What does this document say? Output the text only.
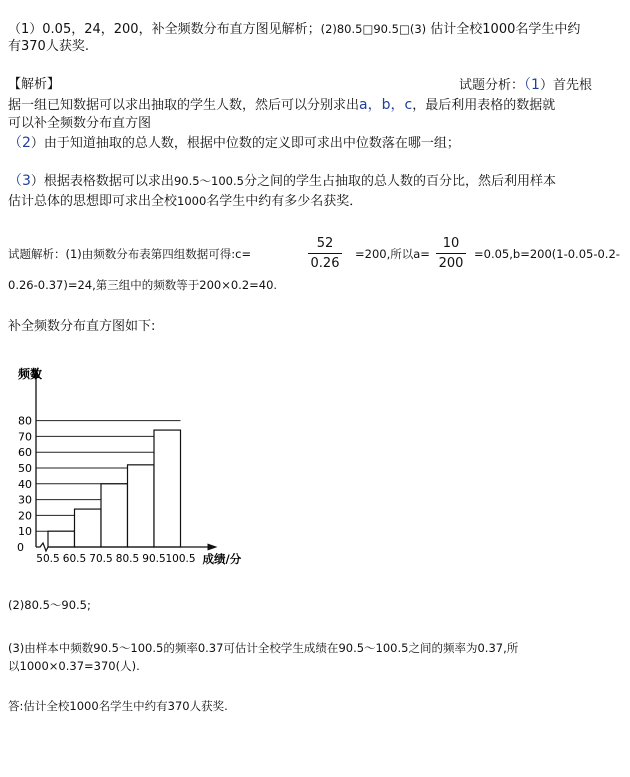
（1）0.05，24，200，补全频数分布直方图见解析；(2)80.5□90.5□(3) 估计全校1000名学生中约
有370人获奖.
【解析】	试题分析：（1）首先根
据一组已知数据可以求出抽取的学生人数，然后可以分别求出a，b，c，最后利用表格的数据就
可以补全频数分布直方图
（2）由于知道抽取的总人数，根据中位数的定义即可求出中位数落在哪一组；
（3）根据表格数据可以求出90.5～100.5分之间的学生占抽取的总人数的百分比，然后利用样本
估计总体的思想即可求出全校1000名学生中约有多少名获奖．
试题解析：(1)由频数分布表第四组数据可得:c=
52
0.26
=200,所以a=
10
200
=0.05,b=200(1-0.05-0.2-
0.26-0.37)=24,第三组中的频数等于200×0.2=40.
补全频数分布直方图如下:
10
20
30
40
50
60
70
80
0
50.5 60.5 70.5 80.5 90.5 100.5
频数
成绩/分
(2)80.5～90.5;
(3)由样本中频数90.5～100.5的频率0.37可估计全校学生成绩在90.5～100.5之间的频率为0.37,所
以1000×0.37=370(人).
答:估计全校1000名学生中约有370人获奖.
